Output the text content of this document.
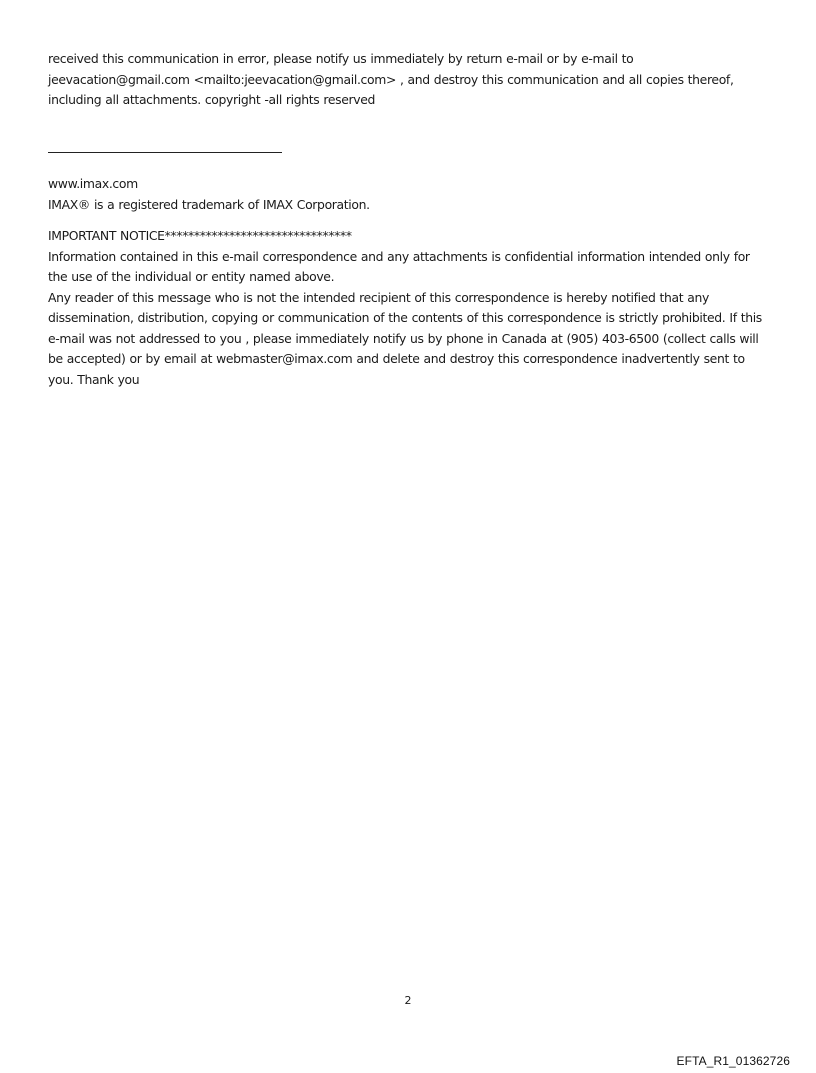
received this communication in error, please notify us immediately by return e-mail or by e-mail to jeevacation@gmail.com <mailto:jeevacation@gmail.com> , and destroy this communication and all copies thereof, including all attachments. copyright -all rights reserved

www.imax.com

IMAX® is a registered trademark of IMAX Corporation.

IMPORTANT NOTICE********************************

Information contained in this e-mail correspondence and any attachments is confidential information intended only for the use of the individual or entity named above.

Any reader of this message who is not the intended recipient of this correspondence is hereby notified that any dissemination, distribution, copying or communication of the contents of this correspondence is strictly prohibited. If this e-mail was not addressed to you , please immediately notify us by phone in Canada at (905) 403-6500 (collect calls will be accepted) or by email at webmaster@imax.com and delete and destroy this correspondence inadvertently sent to you. Thank you

2
EFTA_R1_01362726
